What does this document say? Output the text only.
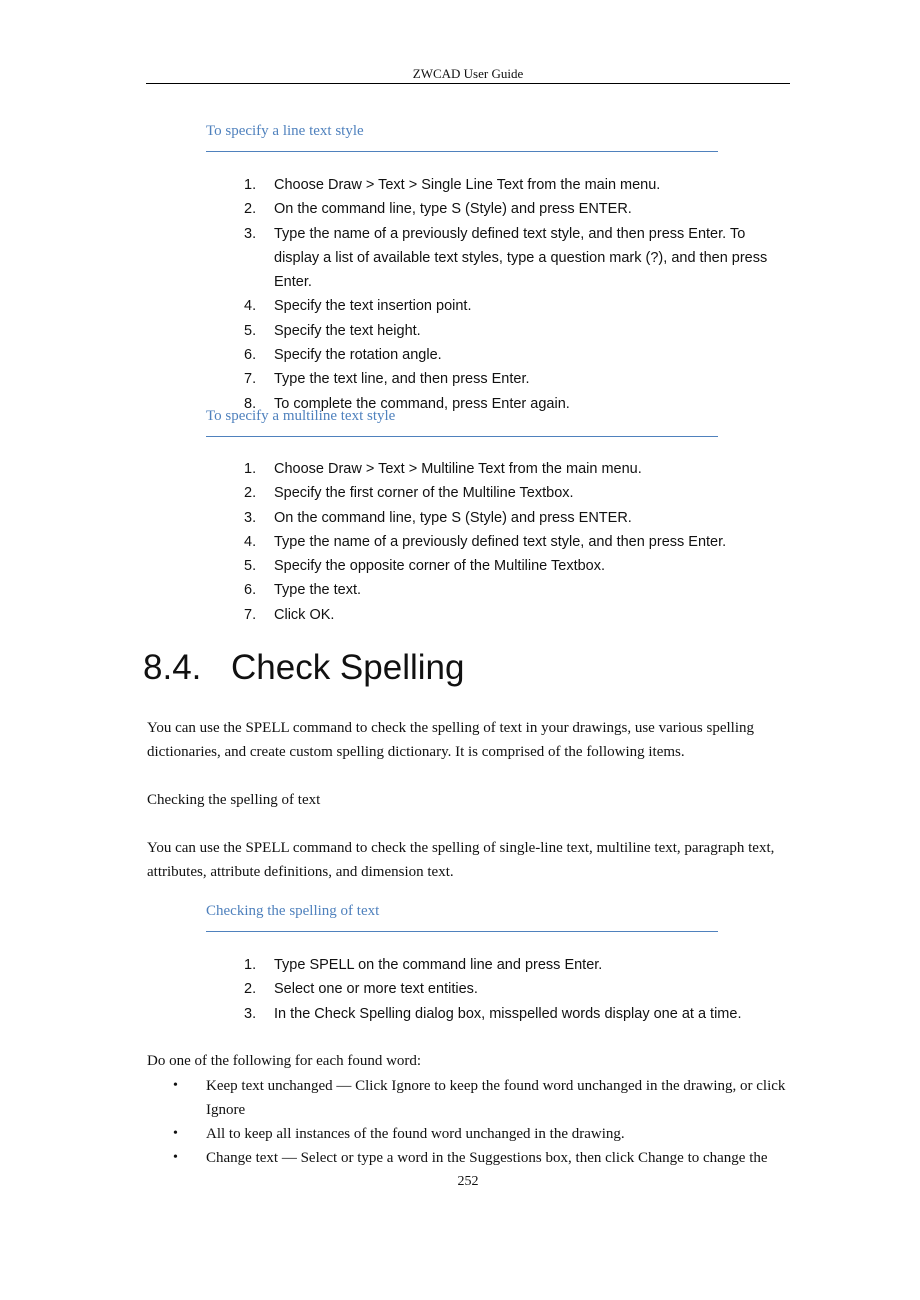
ZWCAD User Guide
To specify a line text style
1.	Choose Draw > Text > Single Line Text from the main menu.
2.	On the command line, type S (Style) and press ENTER.
3.	Type the name of a previously defined text style, and then press Enter. To display a list of available text styles, type a question mark (?), and then press Enter.
4.	Specify the text insertion point.
5.	Specify the text height.
6.	Specify the rotation angle.
7.	Type the text line, and then press Enter.
8.	To complete the command, press Enter again.
To specify a multiline text style
1.	Choose Draw > Text > Multiline Text from the main menu.
2.	Specify the first corner of the Multiline Textbox.
3.	On the command line, type S (Style) and press ENTER.
4.	Type the name of a previously defined text style, and then press Enter.
5.	Specify the opposite corner of the Multiline Textbox.
6.	Type the text.
7.	Click OK.
8.4. Check Spelling
You can use the SPELL command to check the spelling of text in your drawings, use various spelling dictionaries, and create custom spelling dictionary. It is comprised of the following items.
Checking the spelling of text
You can use the SPELL command to check the spelling of single-line text, multiline text, paragraph text, attributes, attribute definitions, and dimension text.
Checking the spelling of text
1.	Type SPELL on the command line and press Enter.
2.	Select one or more text entities.
3.	In the Check Spelling dialog box, misspelled words display one at a time.
Do one of the following for each found word:
•	Keep text unchanged — Click Ignore to keep the found word unchanged in the drawing, or click Ignore
•	All to keep all instances of the found word unchanged in the drawing.
•	Change text — Select or type a word in the Suggestions box, then click Change to change the
252
